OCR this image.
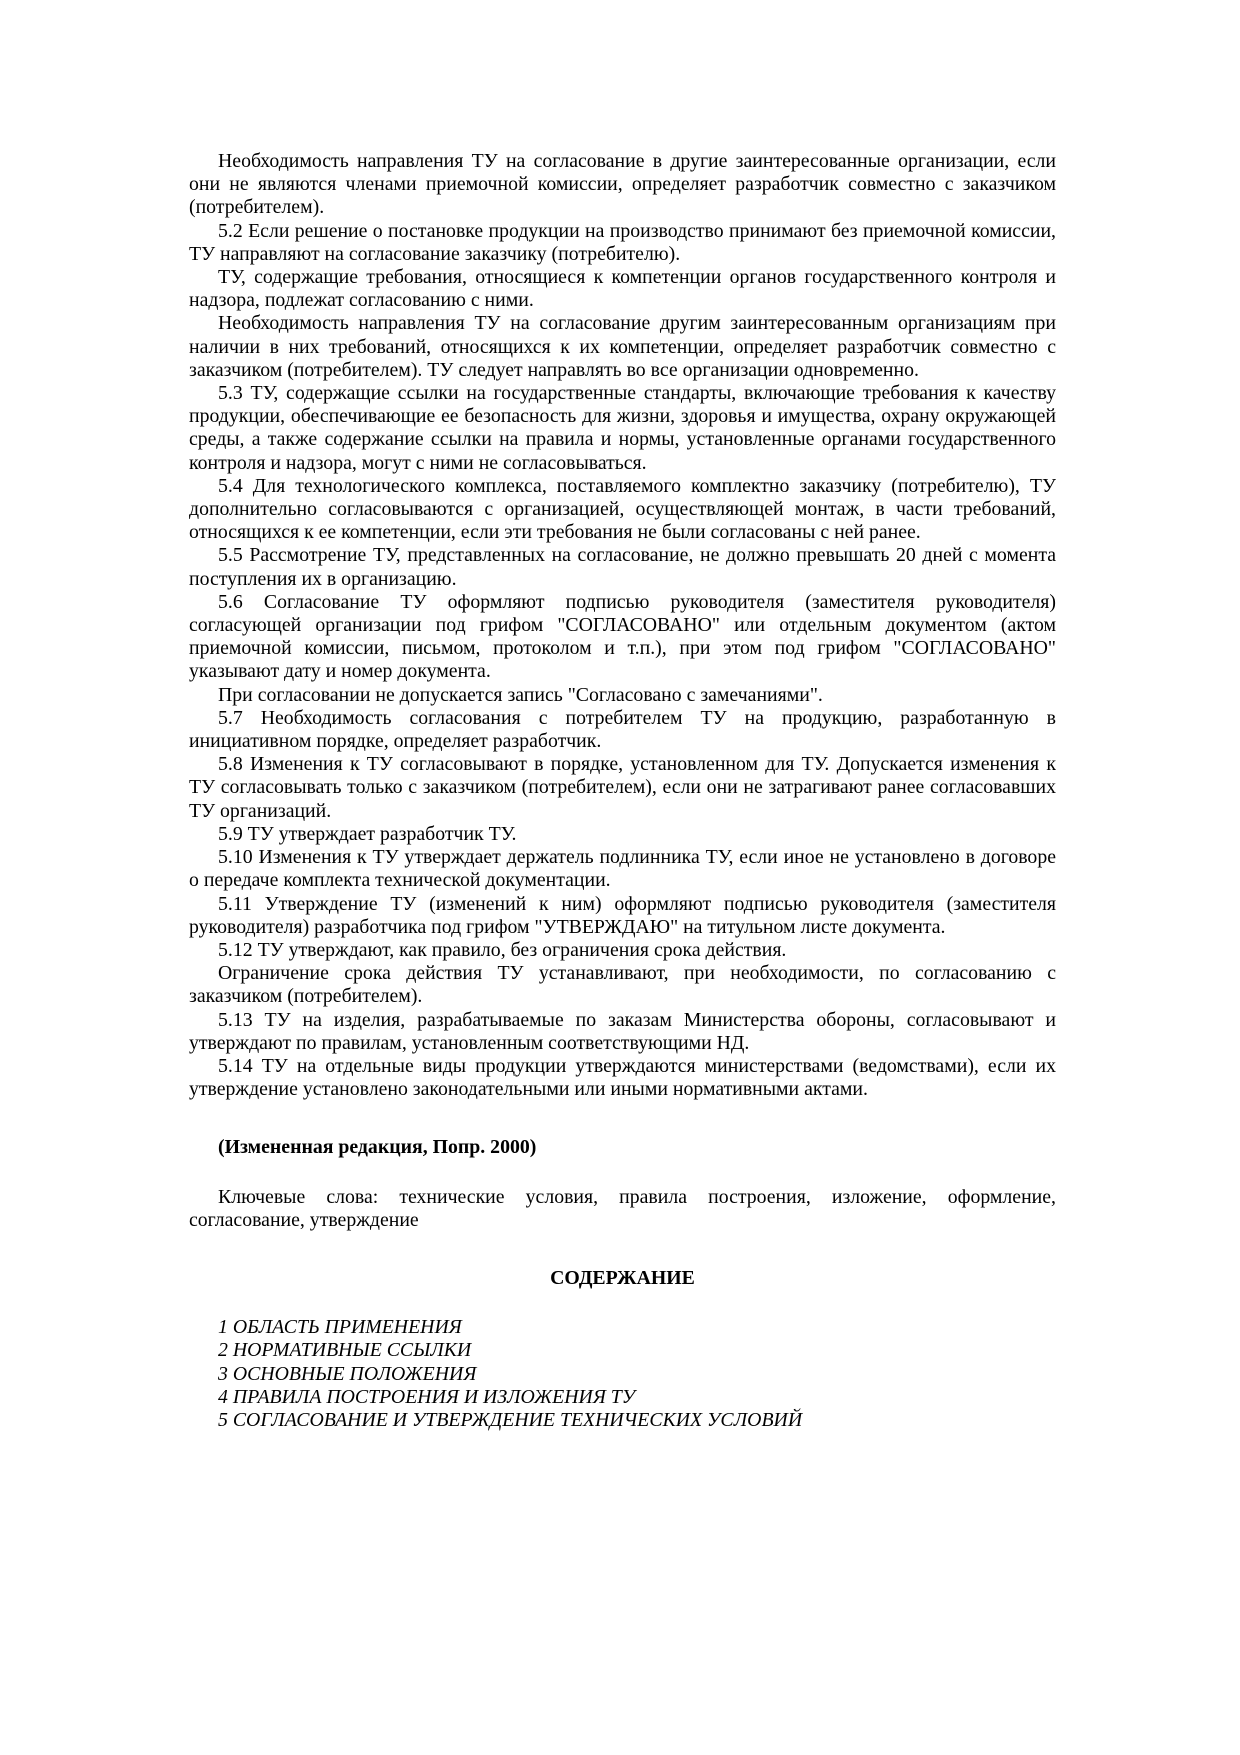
Необходимость направления ТУ на согласование в другие заинтересованные организации, если они не являются членами приемочной комиссии, определяет разработчик совместно с заказчиком (потребителем).

5.2 Если решение о постановке продукции на производство принимают без приемочной комиссии, ТУ направляют на согласование заказчику (потребителю).

ТУ, содержащие требования, относящиеся к компетенции органов государственного контроля и надзора, подлежат согласованию с ними.

Необходимость направления ТУ на согласование другим заинтересованным организациям при наличии в них требований, относящихся к их компетенции, определяет разработчик совместно с заказчиком (потребителем). ТУ следует направлять во все организации одновременно.

5.3 ТУ, содержащие ссылки на государственные стандарты, включающие требования к качеству продукции, обеспечивающие ее безопасность для жизни, здоровья и имущества, охрану окружающей среды, а также содержание ссылки на правила и нормы, установленные органами государственного контроля и надзора, могут с ними не согласовываться.

5.4 Для технологического комплекса, поставляемого комплектно заказчику (потребителю), ТУ дополнительно согласовываются с организацией, осуществляющей монтаж, в части требований, относящихся к ее компетенции, если эти требования не были согласованы с ней ранее.

5.5 Рассмотрение ТУ, представленных на согласование, не должно превышать 20 дней с момента поступления их в организацию.

5.6 Согласование ТУ оформляют подписью руководителя (заместителя руководителя) согласующей организации под грифом "СОГЛАСОВАНО" или отдельным документом (актом приемочной комиссии, письмом, протоколом и т.п.), при этом под грифом "СОГЛАСОВАНО" указывают дату и номер документа.

При согласовании не допускается запись "Согласовано с замечаниями".

5.7 Необходимость согласования с потребителем ТУ на продукцию, разработанную в инициативном порядке, определяет разработчик.

5.8 Изменения к ТУ согласовывают в порядке, установленном для ТУ. Допускается изменения к ТУ согласовывать только с заказчиком (потребителем), если они не затрагивают ранее согласовавших ТУ организаций.

5.9 ТУ утверждает разработчик ТУ.

5.10 Изменения к ТУ утверждает держатель подлинника ТУ, если иное не установлено в договоре о передаче комплекта технической документации.

5.11 Утверждение ТУ (изменений к ним) оформляют подписью руководителя (заместителя руководителя) разработчика под грифом "УТВЕРЖДАЮ" на титульном листе документа.

5.12 ТУ утверждают, как правило, без ограничения срока действия.

Ограничение срока действия ТУ устанавливают, при необходимости, по согласованию с заказчиком (потребителем).

5.13 ТУ на изделия, разрабатываемые по заказам Министерства обороны, согласовывают и утверждают по правилам, установленным соответствующими НД.

5.14 ТУ на отдельные виды продукции утверждаются министерствами (ведомствами), если их утверждение установлено законодательными или иными нормативными актами.

(Измененная редакция, Попр. 2000)

Ключевые слова: технические условия, правила построения, изложение, оформление, согласование, утверждение

СОДЕРЖАНИЕ

1 ОБЛАСТЬ ПРИМЕНЕНИЯ
2 НОРМАТИВНЫЕ ССЫЛКИ
3 ОСНОВНЫЕ ПОЛОЖЕНИЯ
4 ПРАВИЛА ПОСТРОЕНИЯ И ИЗЛОЖЕНИЯ ТУ
5 СОГЛАСОВАНИЕ И УТВЕРЖДЕНИЕ ТЕХНИЧЕСКИХ УСЛОВИЙ
